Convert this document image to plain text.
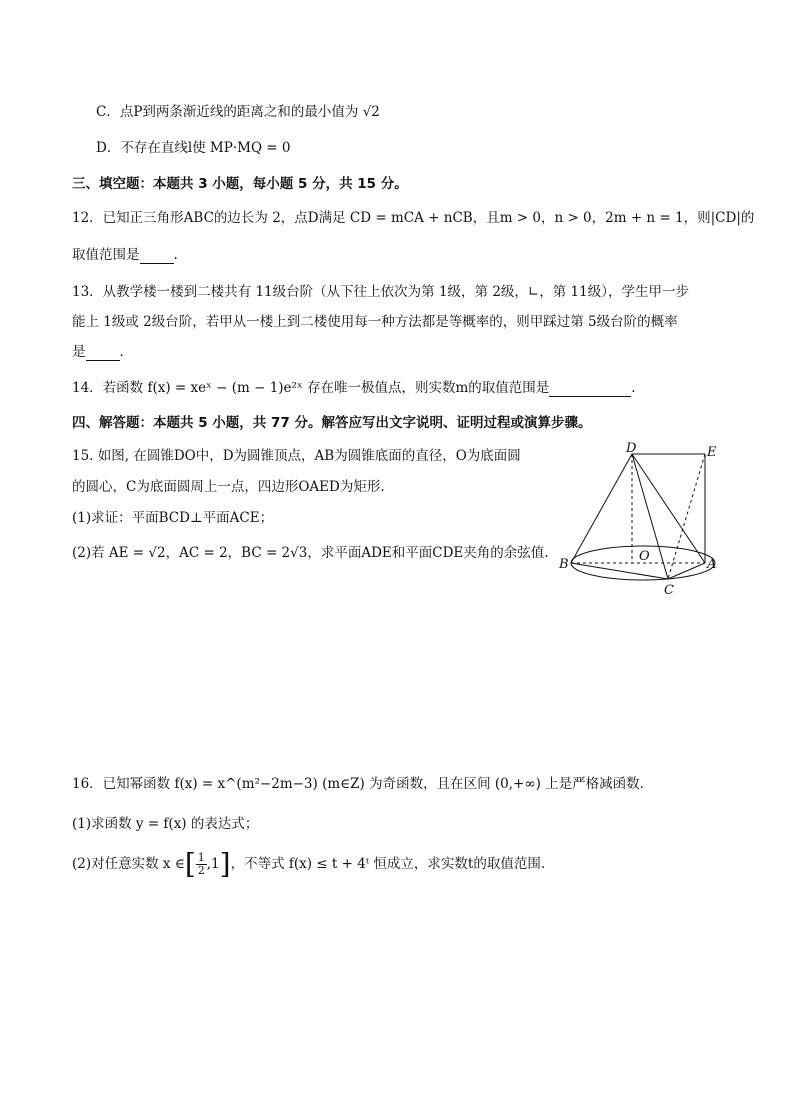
C．点P到两条渐近线的距离之和的最小值为 √2
D．不存在直线l使 MP·MQ = 0
三、填空题：本题共 3 小题，每小题 5 分，共 15 分。
12．已知正三角形ABC的边长为 2，点D满足 CD = mCA + nCB，且m > 0，n > 0，2m + n = 1，则|CD|的
取值范围是	.
13．从教学楼一楼到二楼共有 11级台阶（从下往上依次为第 1级，第 2级，∟，第 11级），学生甲一步
能上 1级或 2级台阶，若甲从一楼上到二楼使用每一种方法都是等概率的，则甲踩过第 5级台阶的概率
是	．
14．若函数 f(x) = xeˣ − (m − 1)e²ˣ 存在唯一极值点，则实数m的取值范围是	.
四、解答题：本题共 5 小题，共 77 分。解答应写出文字说明、证明过程或演算步骤。
15. 如图, 在圆锥DO中，D为圆锥顶点，AB为圆锥底面的直径，O为底面圆
的圆心，C为底面圆周上一点，四边形OAED为矩形.
(1)求证：平面BCD⊥平面ACE；
(2)若 AE = √2，AC = 2，BC = 2√3，求平面ADE和平面CDE夹角的余弦值.
D	E
B
O
A
C
16．已知幂函数 f(x) = x^(m²−2m−3) (m∈Z) 为奇函数，且在区间 (0,+∞) 上是严格减函数.
(1)求函数 y = f(x) 的表达式；
(2)对任意实数 x ∈[ $\frac{1}{2} ,1$]，不等式 f(x) ≤ t + 4ᵗ 恒成立，求实数t的取值范围.
